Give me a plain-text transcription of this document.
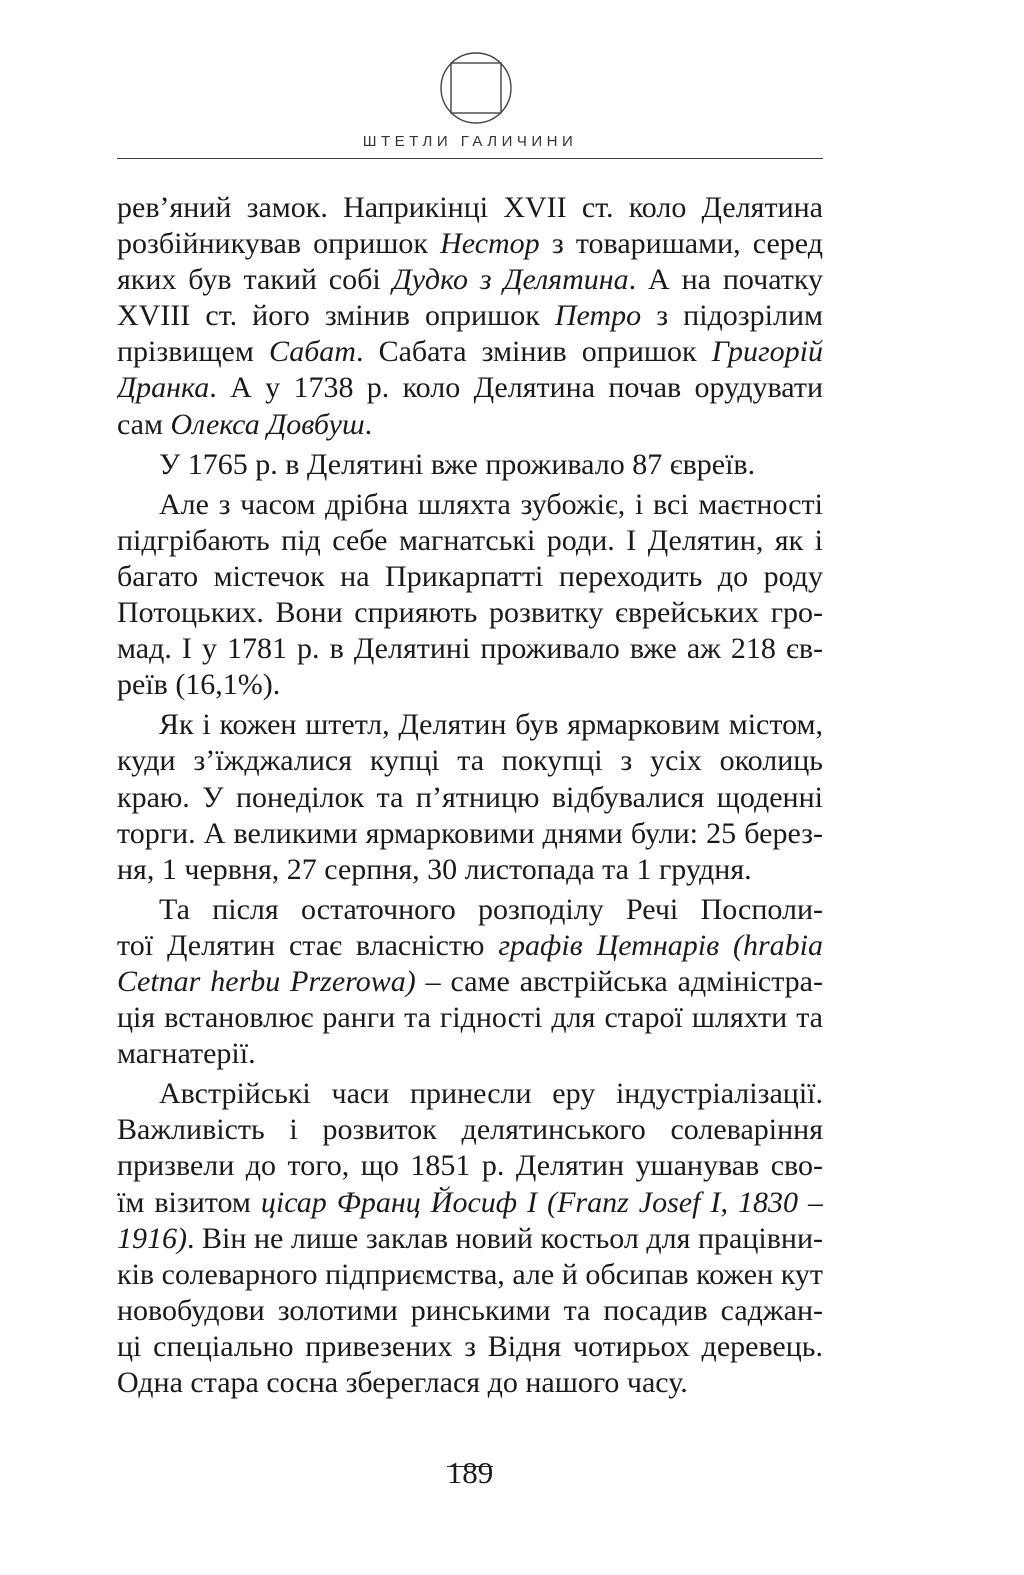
ШТЕТЛИ ГАЛИЧИНИ
рев’яний замок. Наприкінці XVII ст. коло Делятина
розбійникував опришок Нестор з товаришами, серед
яких був такий собі Дудко з Делятина. А на початку
XVIII ст. його змінив опришок Петро з підозрілим
прізвищем Сабат. Сабата змінив опришок Григорій
Дранка. А у 1738 р. коло Делятина почав орудувати
сам Олекса Довбуш.
У 1765 р. в Делятині вже проживало 87 євреїв.
Але з часом дрібна шляхта зубожіє, і всі маєтності
підгрібають під себе магнатські роди. І Делятин, як і
багато містечок на Прикарпатті переходить до роду
Потоцьких. Вони сприяють розвитку єврейських гро-
мад. І у 1781 р. в Делятині проживало вже аж 218 єв-
реїв (16,1%).
Як і кожен штетл, Делятин був ярмарковим містом,
куди з’їжджалися купці та покупці з усіх околиць
краю. У понеділок та п’ятницю відбувалися щоденні
торги. А великими ярмарковими днями були: 25 берез-
ня, 1 червня, 27 серпня, 30 листопада та 1 грудня.
Та після остаточного розподілу Речі Посполи-
тої Делятин стає власністю графів Цетнарів (hrabia
Cetnar herbu Przerowa) – саме австрійська адміністра-
ція встановлює ранги та гідності для старої шляхти та
магнатерії.
Австрійські часи принесли еру індустріалізації.
Важливість і розвиток делятинського солеваріння
призвели до того, що 1851 р. Делятин ушанував сво-
їм візитом цісар Франц Йосиф І (Franz Josef I, 1830 –
1916). Він не лише заклав новий костьол для працівни-
ків солеварного підприємства, але й обсипав кожен кут
новобудови золотими ринськими та посадив саджан-
ці спеціально привезених з Відня чотирьох деревець.
Одна стара сосна збереглася до нашого часу.
189
